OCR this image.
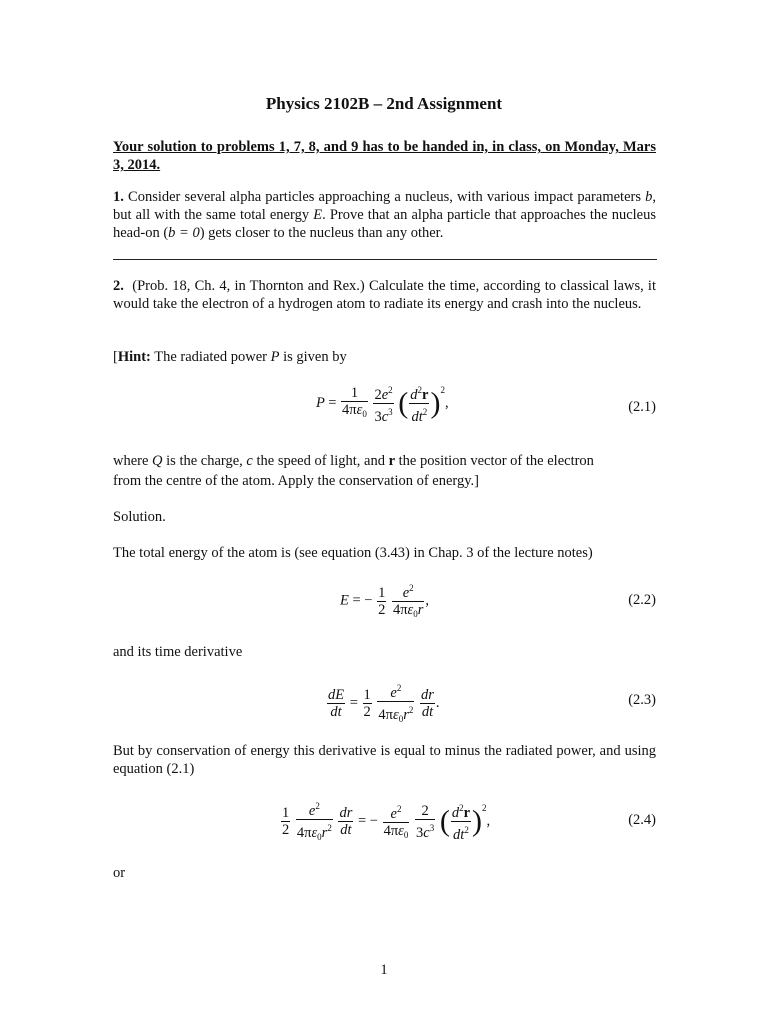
Physics 2102B – 2nd Assignment
Your solution to problems 1, 7, 8, and 9 has to be handed in, in class, on Monday, Mars 3, 2014.
1. Consider several alpha particles approaching a nucleus, with various impact parameters b, but all with the same total energy E. Prove that an alpha particle that approaches the nucleus head-on (b = 0) gets closer to the nucleus than any other.
2. (Prob. 18, Ch. 4, in Thornton and Rex.) Calculate the time, according to classical laws, it would take the electron of a hydrogen atom to radiate its energy and crash into the nucleus.
[Hint: The radiated power P is given by
$P = \frac{1}{4\pi\varepsilon_0}$
$\frac{2e^2}{3c^3}$ ( $\frac{d^2r}{dt^2} )^2$,	(2.1)
where Q is the charge, c the speed of light, and r the position vector of the electron
from the centre of the atom. Apply the conservation of energy.]
Solution.
The total energy of the atom is (see equation (3.43) in Chap. 3 of the lecture notes)
E = − $\frac{1}{2}$
$\frac{e^2}{4\pi\varepsilon_0r}$ ,	(2.2)
and its time derivative
$\frac{dE}{dt} = \frac{1}{2}$
$\frac{e^2}{4\pi\varepsilon_0r^2}$
$\frac{dr}{dt}$ .	(2.3)
But by conservation of energy this derivative is equal to minus the radiated power, and using equation (2.1)
$\frac{1}{2}$
$\frac{e^2}{4\pi\varepsilon_0r^2}$
$\frac{dr}{dt}$ = − $\frac{e^2}{4\pi\varepsilon_0}$
$\frac{2}{3c^3}$ ( $\frac{d^2r}{dt^2} )^2$,	(2.4)
or
1
